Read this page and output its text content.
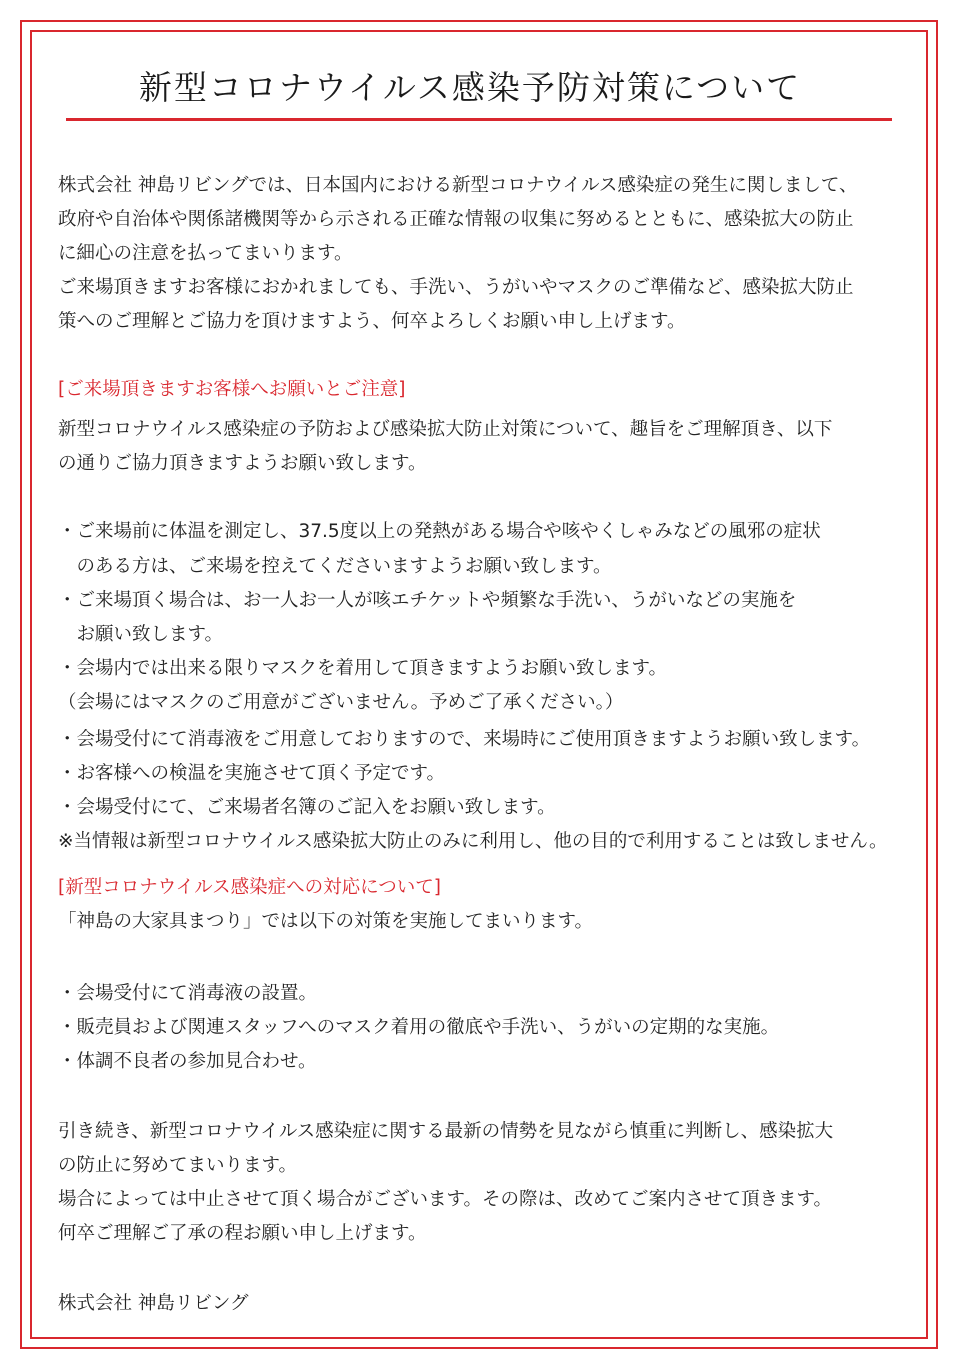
新型コロナウイルス感染予防対策について
株式会社 神島リビングでは、日本国内における新型コロナウイルス感染症の発生に関しまして、
政府や自治体や関係諸機関等から示される正確な情報の収集に努めるとともに、感染拡大の防止
に細心の注意を払ってまいります。
ご来場頂きますお客様におかれましても、手洗い、うがいやマスクのご準備など、感染拡大防止
策へのご理解とご協力を頂けますよう、何卒よろしくお願い申し上げます。
[ご来場頂きますお客様へお願いとご注意]
新型コロナウイルス感染症の予防および感染拡大防止対策について、趣旨をご理解頂き、以下
の通りご協力頂きますようお願い致します。
・ご来場前に体温を測定し、37.5度以上の発熱がある場合や咳やくしゃみなどの風邪の症状
　のある方は、ご来場を控えてくださいますようお願い致します。
・ご来場頂く場合は、お一人お一人が咳エチケットや頻繁な手洗い、うがいなどの実施を
　お願い致します。
・会場内では出来る限りマスクを着用して頂きますようお願い致します。
（会場にはマスクのご用意がございません。予めご了承ください。）
・会場受付にて消毒液をご用意しておりますので、来場時にご使用頂きますようお願い致します。
・お客様への検温を実施させて頂く予定です。
・会場受付にて、ご来場者名簿のご記入をお願い致します。
※当情報は新型コロナウイルス感染拡大防止のみに利用し、他の目的で利用することは致しません。
[新型コロナウイルス感染症への対応について]
「神島の大家具まつり」では以下の対策を実施してまいります。
・会場受付にて消毒液の設置。
・販売員および関連スタッフへのマスク着用の徹底や手洗い、うがいの定期的な実施。
・体調不良者の参加見合わせ。
引き続き、新型コロナウイルス感染症に関する最新の情勢を見ながら慎重に判断し、感染拡大
の防止に努めてまいります。
場合によっては中止させて頂く場合がございます。その際は、改めてご案内させて頂きます。
何卒ご理解ご了承の程お願い申し上げます。
株式会社 神島リビング
